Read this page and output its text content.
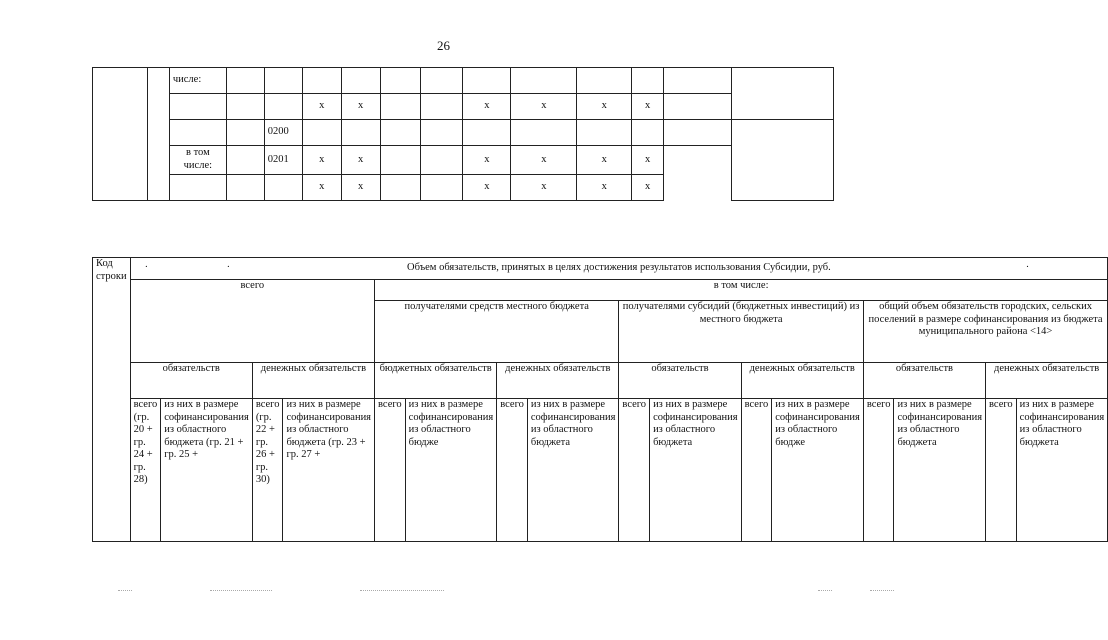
26
		числе:												
					х	х			х	х	х	х		
				0200										
		в том
числе:		0201	х	х			х	х	х	х		
					х	х			х	х	х	х		
Код
строки	· · Объем обязательств, принятых в целях достижения результатов использования Субсидии, руб. ·															

	всего				в том числе:											
					получателями средств местного бюджета				получателями субсидий (бюджетных инвестиций) из местного бюджета				общий объем обязательств городских, сельских поселений в размере софинансирования из бюджета муниципального района <14>			
	обязательств		денежных обязательств		бюджетных обязательств		денежных обязательств		обязательств		денежных обязательств		обязательств		денежных обязательств	
	всего (гр. 20 + гр. 24 + гр. 28)	из них в размере софинансирования из областного бюджета (гр. 21 + гр. 25 +	всего (гр. 22 + гр. 26 + гр. 30)	из них в размере софинансирования из областного бюджета (гр. 23 + гр. 27 +	всего	из них в размере софинансирования из областного бюдже	всего	из них в размере софинансирования из областного бюджета	всего	из них в размере софинансирования из областного бюджета	всего	из них в размере софинансирования из областного бюдже	всего	из них в размере софинансирования из областного бюджета	всего	из них в размере софинансирования из областного бюджета
